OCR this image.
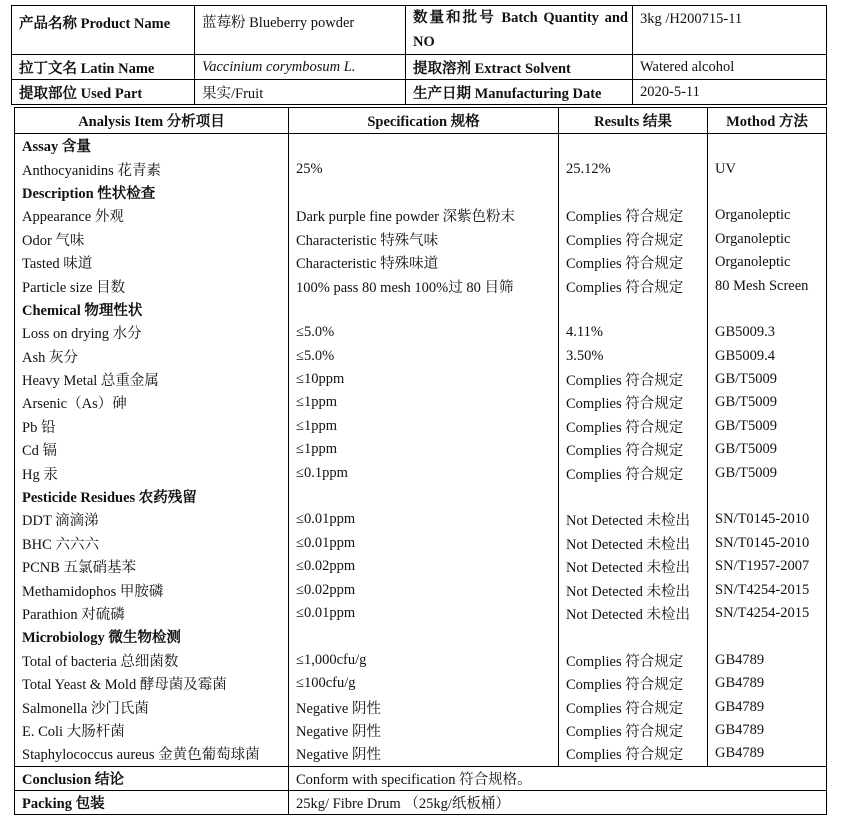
产品名称 Product Name	蓝莓粉 Blueberry powder	数量和批号 Batch Quantity and NO	3kg /H200715-11
拉丁文名 Latin Name	Vaccinium corymbosum L.	提取溶剂 Extract Solvent	Watered alcohol
提取部位 Used Part	果实/Fruit	生产日期 Manufacturing Date	2020-5-11
Analysis Item 分析项目	Specification 规格	Results 结果	Mothod 方法
Assay 含量			
Anthocyanidins 花青素	25%	25.12%	UV
Description 性状检查			
Appearance 外观	Dark purple fine powder 深紫色粉末	Complies 符合规定	Organoleptic
Odor 气味	Characteristic 特殊气味	Complies 符合规定	Organoleptic
Tasted 味道	Characteristic 特殊味道	Complies 符合规定	Organoleptic
Particle size 目数	100% pass 80 mesh 100%过 80 目筛	Complies 符合规定	80 Mesh Screen
Chemical 物理性状			
Loss on drying 水分	≤5.0%	4.11%	GB5009.3
Ash 灰分	≤5.0%	3.50%	GB5009.4
Heavy Metal 总重金属	≤10ppm	Complies 符合规定	GB/T5009
Arsenic（As）砷	≤1ppm	Complies 符合规定	GB/T5009
Pb 铅	≤1ppm	Complies 符合规定	GB/T5009
Cd 镉	≤1ppm	Complies 符合规定	GB/T5009
Hg 汞	≤0.1ppm	Complies 符合规定	GB/T5009
Pesticide Residues 农药残留			
DDT 滴滴涕	≤0.01ppm	Not Detected 未检出	SN/T0145-2010
BHC 六六六	≤0.01ppm	Not Detected 未检出	SN/T0145-2010
PCNB 五氯硝基苯	≤0.02ppm	Not Detected 未检出	SN/T1957-2007
Methamidophos 甲胺磷	≤0.02ppm	Not Detected 未检出	SN/T4254-2015
Parathion 对硫磷	≤0.01ppm	Not Detected 未检出	SN/T4254-2015
Microbiology 微生物检测			
Total of bacteria 总细菌数	≤1,000cfu/g	Complies 符合规定	GB4789
Total Yeast & Mold 酵母菌及霉菌	≤100cfu/g	Complies 符合规定	GB4789
Salmonella 沙门氏菌	Negative 阴性	Complies 符合规定	GB4789
E. Coli 大肠杆菌	Negative 阴性	Complies 符合规定	GB4789
Staphylococcus aureus 金黄色葡萄球菌	Negative 阴性	Complies 符合规定	GB4789
Conclusion 结论	Conform with specification 符合规格。		
Packing 包装	25kg/ Fibre Drum （25kg/纸板桶）		
